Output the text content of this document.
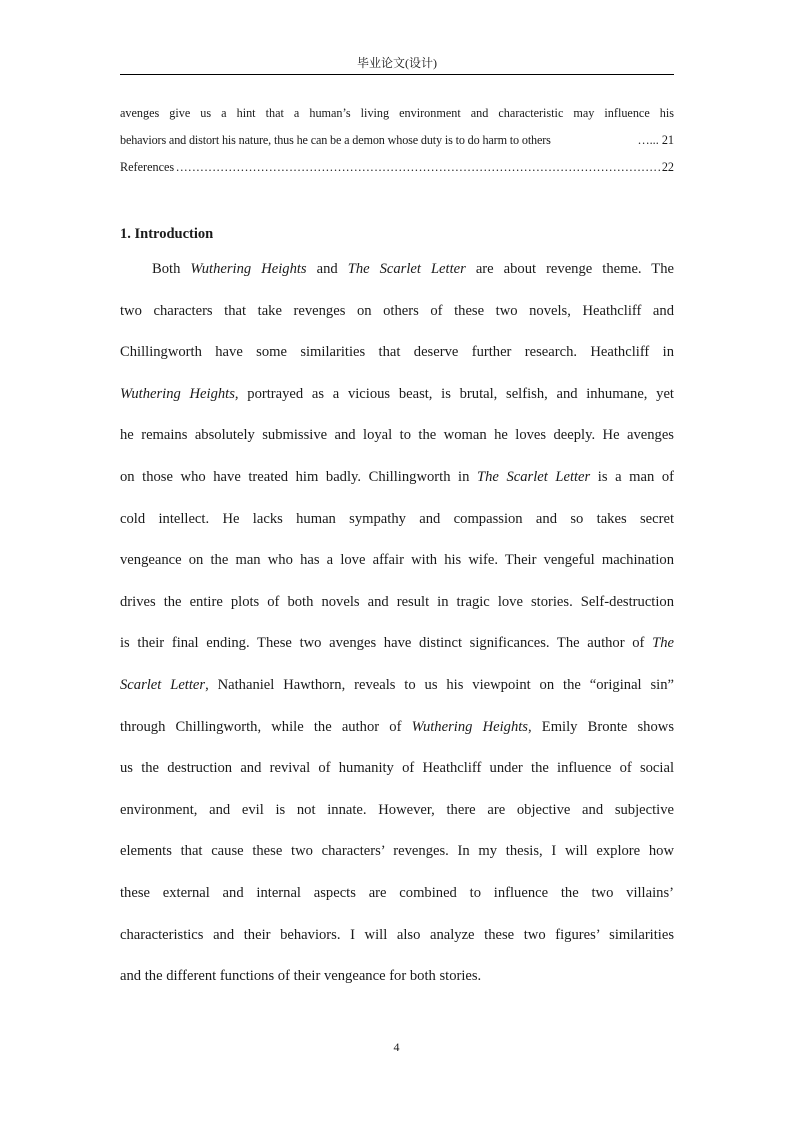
毕业论文(设计)
avenges give us a hint that a human’s living environment and characteristic may influence his
behaviors and distort his nature, thus he can be a demon whose duty is to do harm to others	…... 21
References
.....	22
1. Introduction
Both Wuthering Heights and The Scarlet Letter are about revenge theme. The
two characters that take revenges on others of these two novels, Heathcliff and
Chillingworth have some similarities that deserve further research. Heathcliff in
Wuthering Heights, portrayed as a vicious beast, is brutal, selfish, and inhumane, yet
he remains absolutely submissive and loyal to the woman he loves deeply. He avenges
on those who have treated him badly. Chillingworth in The Scarlet Letter is a man of
cold intellect. He lacks human sympathy and compassion and so takes secret
vengeance on the man who has a love affair with his wife. Their vengeful machination
drives the entire plots of both novels and result in tragic love stories. Self-destruction
is their final ending. These two avenges have distinct significances. The author of The
Scarlet Letter, Nathaniel Hawthorn, reveals to us his viewpoint on the “original sin”
through Chillingworth, while the author of Wuthering Heights, Emily Bronte shows
us the destruction and revival of humanity of Heathcliff under the influence of social
environment, and evil is not innate. However, there are objective and subjective
elements that cause these two characters’ revenges. In my thesis, I will explore how
these external and internal aspects are combined to influence the two villains’
characteristics and their behaviors. I will also analyze these two figures’ similarities
and the different functions of their vengeance for both stories.
4
